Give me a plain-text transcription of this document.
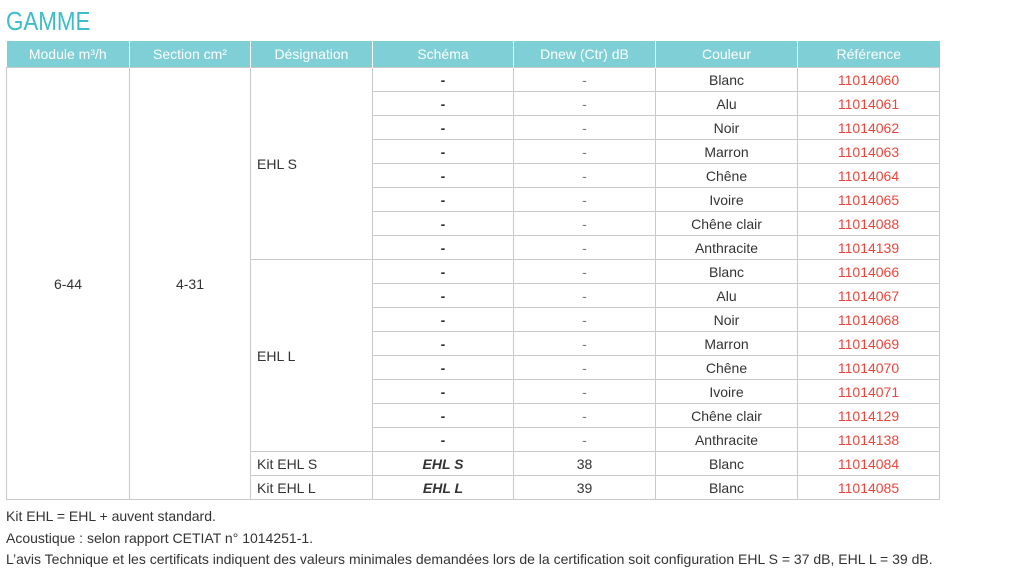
GAMME
Module m³/h	Section cm²	Désignation	Schéma	Dnew (Ctr) dB	Couleur	Référence
6-44	4-31	EHL S	-	-	Blanc	11014060
			-	-	Alu	11014061
			-	-	Noir	11014062
			-	-	Marron	11014063
			-	-	Chêne	11014064
			-	-	Ivoire	11014065
			-	-	Chêne clair	11014088
			-	-	Anthracite	11014139
		EHL L	-	-	Blanc	11014066
			-	-	Alu	11014067
			-	-	Noir	11014068
			-	-	Marron	11014069
			-	-	Chêne	11014070
			-	-	Ivoire	11014071
			-	-	Chêne clair	11014129
			-	-	Anthracite	11014138
		Kit EHL S	EHL S	38	Blanc	11014084
		Kit EHL L	EHL L	39	Blanc	11014085
Kit EHL = EHL + auvent standard.
Acoustique : selon rapport CETIAT n° 1014251-1.
L’avis Technique et les certificats indiquent des valeurs minimales demandées lors de la certification soit configuration EHL S = 37 dB, EHL L = 39 dB.
